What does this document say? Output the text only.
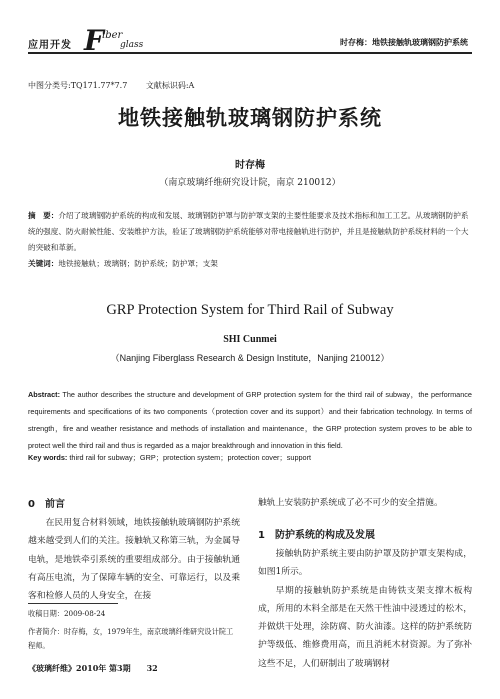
应用开发 F
iber
glass	时存梅：地铁接触轨玻璃钢防护系统
中图分类号:TQ171.77*7.7 文献标识码:A
地铁接触轨玻璃钢防护系统
时存梅
（南京玻璃纤维研究设计院，南京 210012）
摘　要：介绍了玻璃钢防护系统的构成和发展、玻璃钢防护罩与防护罩支架的主要性能要求及技术指标和加工工艺。从玻璃钢防护系统的强度、防火耐候性能、安装维护方法，验证了玻璃钢防护系统能够对带电接触轨进行防护，并且是接触轨防护系统材料的一个大的突破和革新。
关键词：地铁接触轨；玻璃钢；防护系统；防护罩；支架
GRP Protection System for Third Rail of Subway
SHI Cunmei
（Nanjing Fiberglass Research & Design Institute，Nanjing 210012）
Abstract: The author describes the structure and development of GRP protection system for the third rail of subway，the performance requirements and specifications of its two components（protection cover and its support）and their fabrication technology. In terms of strength，fire and weather resistance and methods of installation and maintenance，the GRP protection system proves to be able to protect well the third rail and thus is regarded as a major breakthrough and innovation in this field.
Key words: third rail for subway；GRP；protection system；protection cover；support
0　前言

在民用复合材料领域，地铁接触轨玻璃钢防护系统越来越受到人们的关注。接触轨又称第三轨，为金属导电轨，是地铁牵引系统的重要组成部分。由于接触轨通有高压电流，为了保障车辆的安全、可靠运行，以及乘客和检修人员的人身安全，在接

触轨上安装防护系统成了必不可少的安全措施。

1　防护系统的构成及发展

接触轨防护系统主要由防护罩及防护罩支架构成，如图1所示。

早期的接触轨防护系统是由铸铁支架支撑木板构成，所用的木料全部是在天然干性油中浸透过的松木，并做烘干处理，涂防腐、防火油漆。这样的防护系统防护等级低、维修费用高，而且消耗木材资源。为了弥补这些不足，人们研制出了玻璃钢材

收稿日期：2009-08-24
作者简介：时存梅，女，1979年生，南京玻璃纤维研究设计院工程师。
《玻璃纤维》2010年 第3期　　32
